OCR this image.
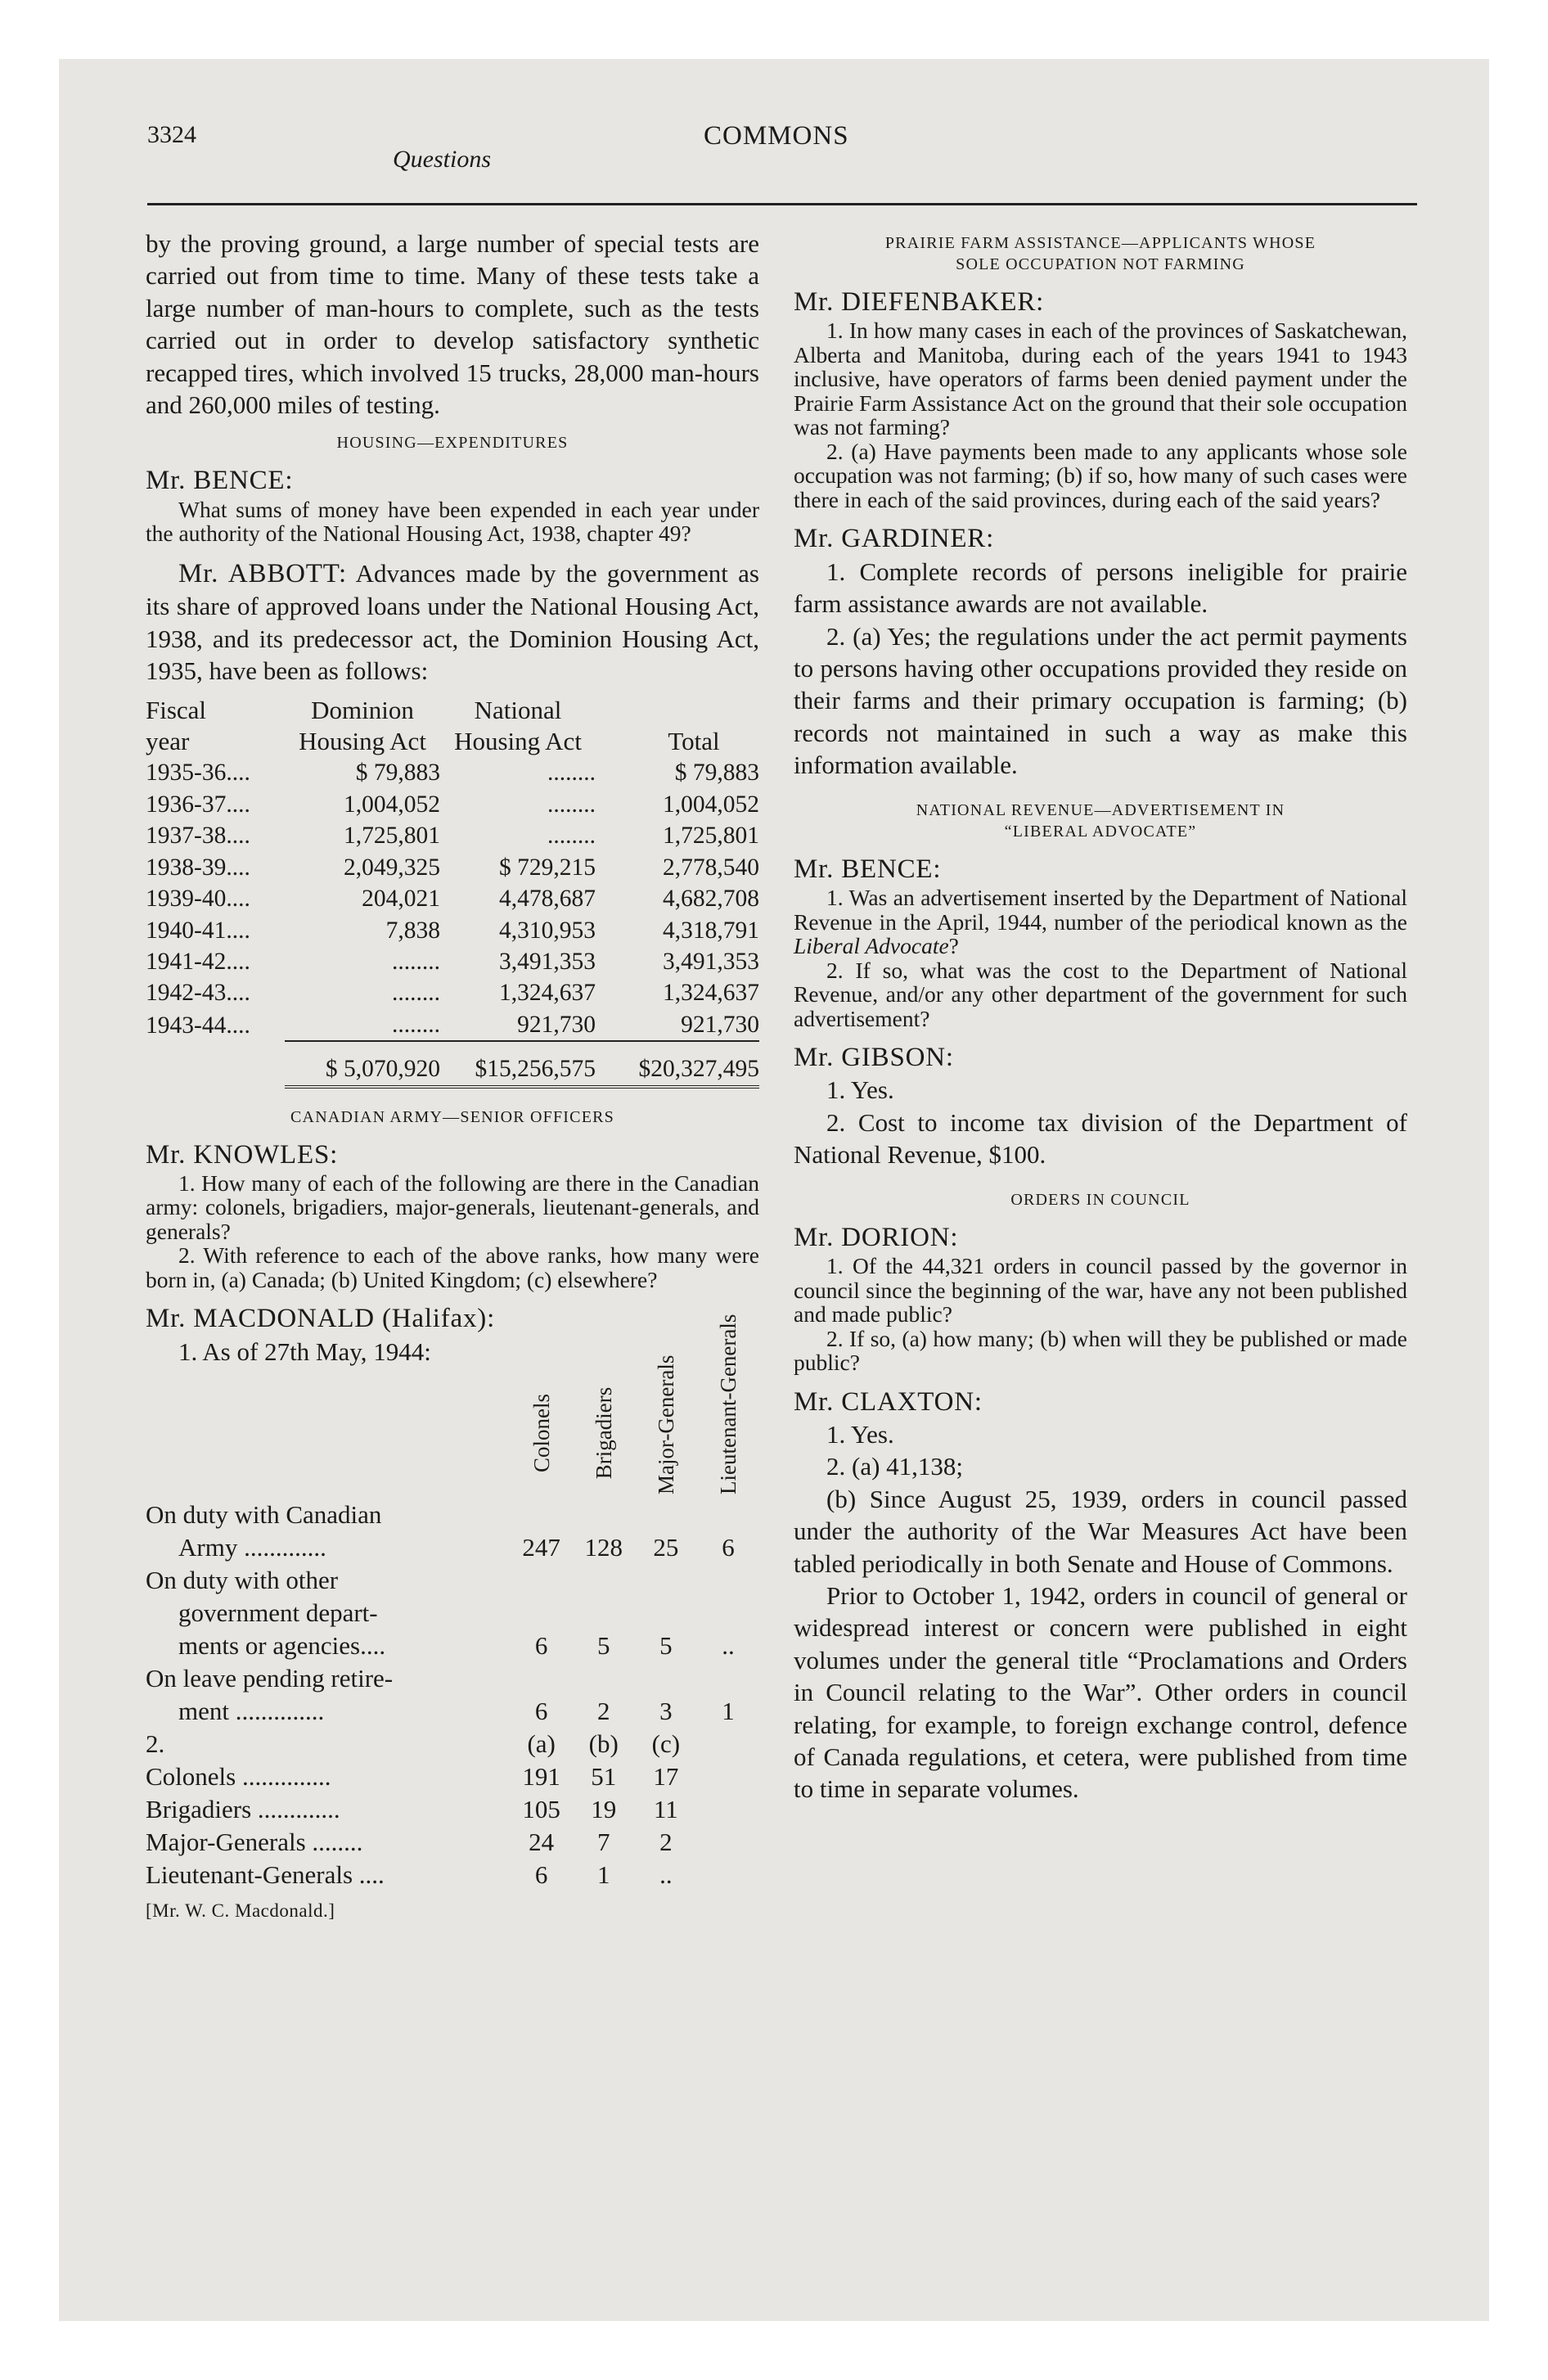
3324
Questions
COMMONS

by the proving ground, a large number of special tests are carried out from time to time. Many of these tests take a large number of man-hours to complete, such as the tests carried out in order to develop satisfactory synthetic recapped tires, which involved 15 trucks, 28,000 man-hours and 260,000 miles of testing.

HOUSING—EXPENDITURES
Mr. BENCE:

What sums of money have been expended in each year under the authority of the National Housing Act, 1938, chapter 49?

Mr. ABBOTT: Advances made by the government as its share of approved loans under the National Housing Act, 1938, and its predecessor act, the Dominion Housing Act, 1935, have been as follows:

Fiscal	Dominion	National	
year	Housing Act	Housing Act	Total
1935-36....	$ 79,883	........	$ 79,883
1936-37....	1,004,052	........	1,004,052
1937-38....	1,725,801	........	1,725,801
1938-39....	2,049,325	$ 729,215	2,778,540
1939-40....	204,021	4,478,687	4,682,708
1940-41....	7,838	4,310,953	4,318,791
1941-42....	........	3,491,353	3,491,353
1942-43....	........	1,324,637	1,324,637
1943-44....	........	921,730	921,730
	$ 5,070,920	$15,256,575	$20,327,495
CANADIAN ARMY—SENIOR OFFICERS
Mr. KNOWLES:

1. How many of each of the following are there in the Canadian army: colonels, brigadiers, major-generals, lieutenant-generals, and generals?

2. With reference to each of the above ranks, how many were born in, (a) Canada; (b) United Kingdom; (c) elsewhere?

Mr. MACDONALD (Halifax):

1. As of 27th May, 1944:

	Colonels	Brigadiers	Major-Generals	Lieutenant-Generals

On duty with Canadian				
Army .............	247	128	25	6
On duty with other				
government depart-				
ments or agencies....	6	5	5	..
On leave pending retire-				
ment ..............	6	2	3	1
2.	(a)	(b)	(c)	
Colonels ..............	191	51	17	
Brigadiers .............	105	19	11	
Major-Generals ........	24	7	2	
Lieutenant-Generals ....	6	1	..	
[Mr. W. C. Macdonald.]
PRAIRIE FARM ASSISTANCE—APPLICANTS WHOSE
SOLE OCCUPATION NOT FARMING
Mr. DIEFENBAKER:

1. In how many cases in each of the provinces of Saskatchewan, Alberta and Manitoba, during each of the years 1941 to 1943 inclusive, have operators of farms been denied payment under the Prairie Farm Assistance Act on the ground that their sole occupation was not farming?

2. (a) Have payments been made to any applicants whose sole occupation was not farming; (b) if so, how many of such cases were there in each of the said provinces, during each of the said years?

Mr. GARDINER:

1. Complete records of persons ineligible for prairie farm assistance awards are not available.

2. (a) Yes; the regulations under the act permit payments to persons having other occupations provided they reside on their farms and their primary occupation is farming; (b) records not maintained in such a way as make this information available.

NATIONAL REVENUE—ADVERTISEMENT IN
“LIBERAL ADVOCATE”
Mr. BENCE:

1. Was an advertisement inserted by the Department of National Revenue in the April, 1944, number of the periodical known as the Liberal Advocate?

2. If so, what was the cost to the Department of National Revenue, and/or any other department of the government for such advertisement?

Mr. GIBSON:

1. Yes.

2. Cost to income tax division of the Department of National Revenue, $100.

ORDERS IN COUNCIL
Mr. DORION:

1. Of the 44,321 orders in council passed by the governor in council since the beginning of the war, have any not been published and made public?

2. If so, (a) how many; (b) when will they be published or made public?

Mr. CLAXTON:

1. Yes.

2. (a) 41,138;

(b) Since August 25, 1939, orders in council passed under the authority of the War Measures Act have been tabled periodically in both Senate and House of Commons.

Prior to October 1, 1942, orders in council of general or widespread interest or concern were published in eight volumes under the general title “Proclamations and Orders in Council relating to the War”. Other orders in council relating, for example, to foreign exchange control, defence of Canada regulations, et cetera, were published from time to time in separate volumes.
